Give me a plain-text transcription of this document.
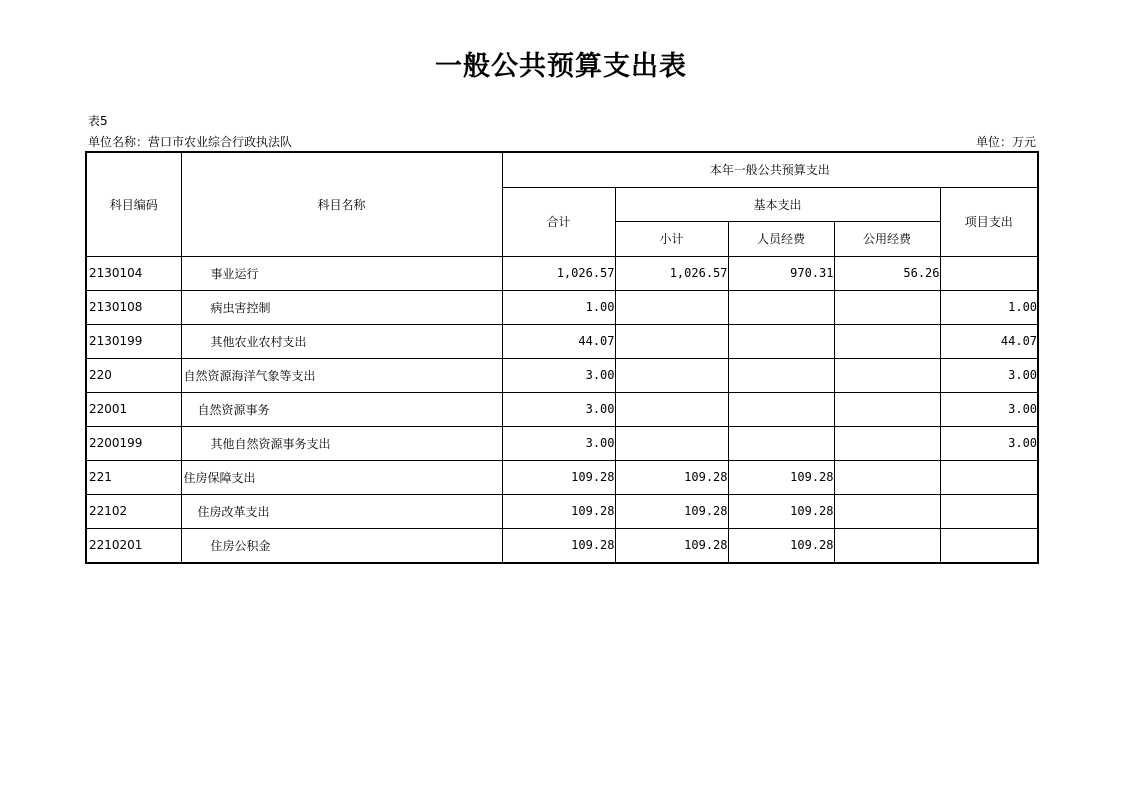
一般公共预算支出表
表5
单位名称：营口市农业综合行政执法队	单位：万元
科目编码	科目名称	本年一般公共预算支出				
		合计	基本支出			项目支出
			小计	人员经费	公用经费	
2130104	事业运行	1,026.57	1,026.57	970.31	56.26	
2130108	病虫害控制	1.00				1.00
2130199	其他农业农村支出	44.07				44.07
220	自然资源海洋气象等支出	3.00				3.00
22001	自然资源事务	3.00				3.00
2200199	其他自然资源事务支出	3.00				3.00
221	住房保障支出	109.28	109.28	109.28		
22102	住房改革支出	109.28	109.28	109.28		
2210201	住房公积金	109.28	109.28	109.28		
